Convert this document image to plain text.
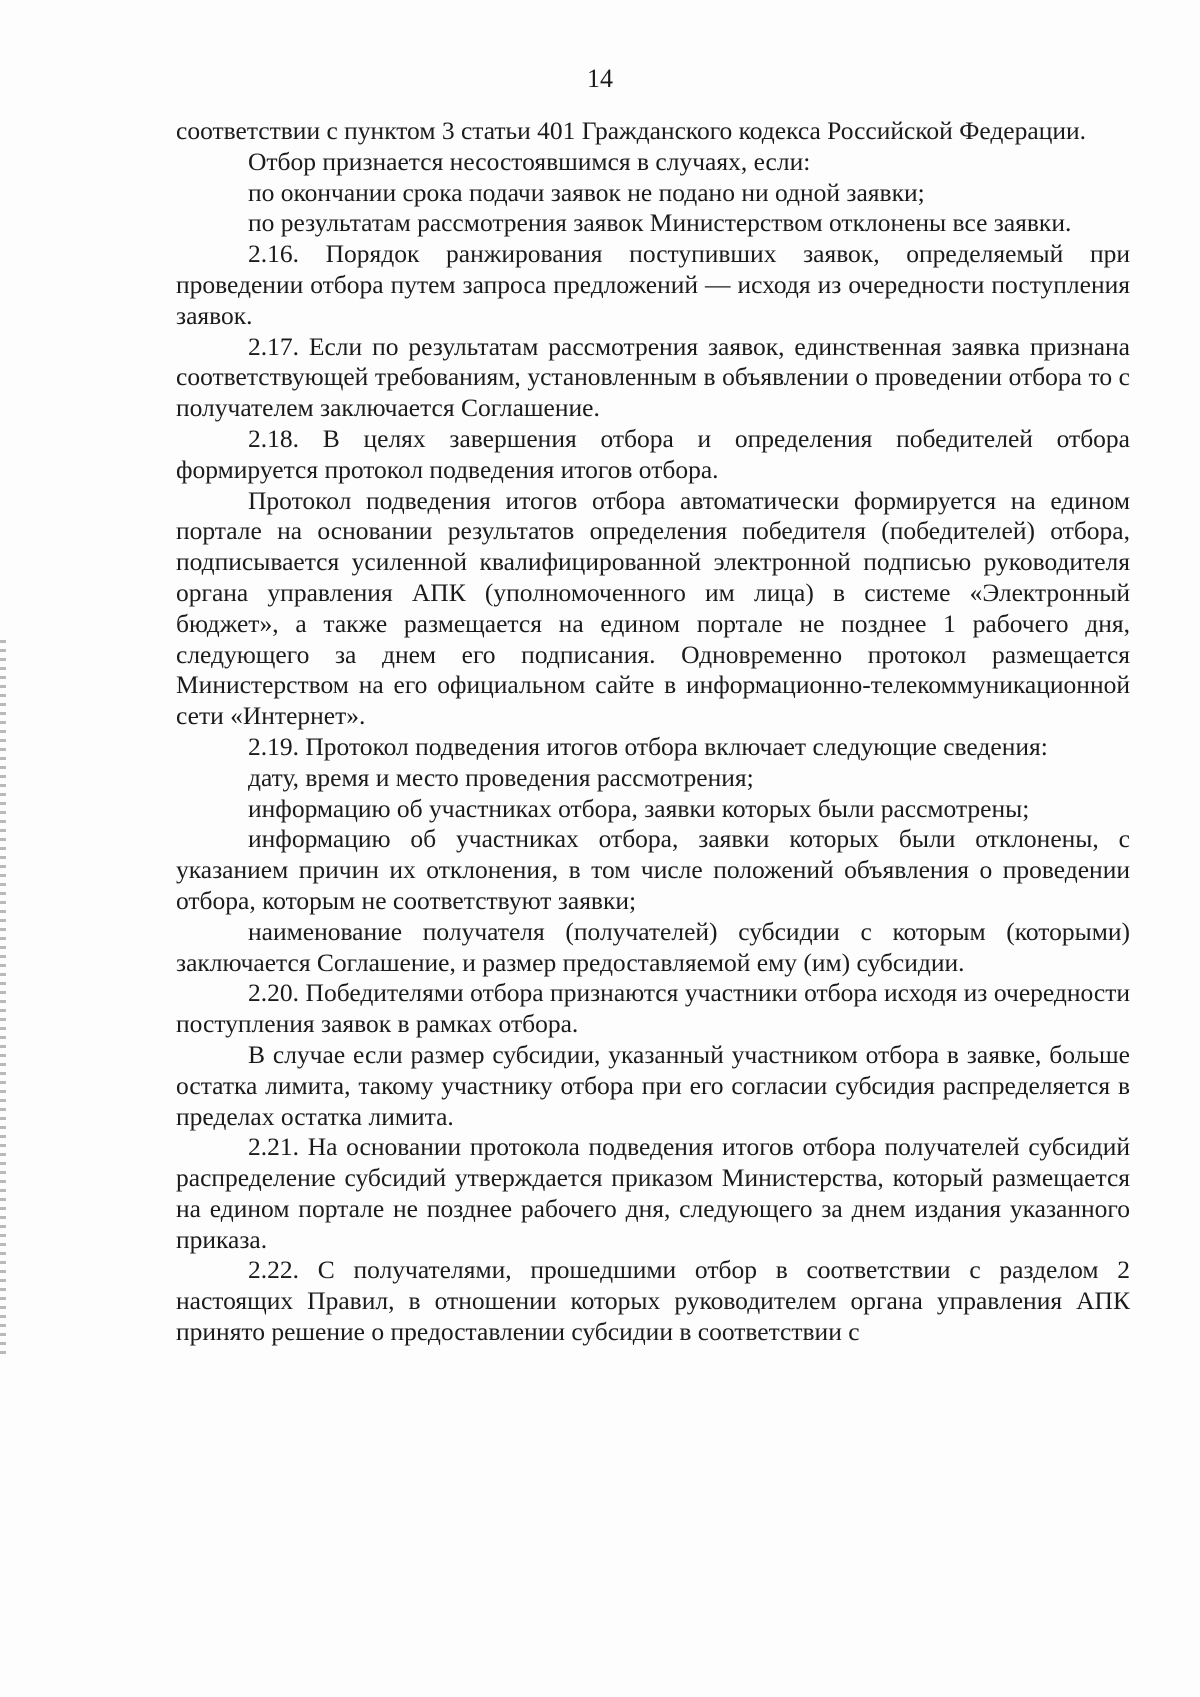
14

соответствии с пунктом 3 статьи 401 Гражданского кодекса Российской Федерации.

Отбор признается несостоявшимся в случаях, если:

по окончании срока подачи заявок не подано ни одной заявки;

по результатам рассмотрения заявок Министерством отклонены все заявки.

2.16. Порядок ранжирования поступивших заявок, определяемый при проведении отбора путем запроса предложений — исходя из очередности поступления заявок.

2.17. Если по результатам рассмотрения заявок, единственная заявка признана соответствующей требованиям, установленным в объявлении о проведении отбора то с получателем заключается Соглашение.

2.18. В целях завершения отбора и определения победителей отбора формируется протокол подведения итогов отбора.

Протокол подведения итогов отбора автоматически формируется на едином портале на основании результатов определения победителя (победителей) отбора, подписывается усиленной квалифицированной электронной подписью руководителя органа управления АПК (уполномоченного им лица) в системе «Электронный бюджет», а также размещается на едином портале не позднее 1 рабочего дня, следующего за днем его подписания. Одновременно протокол размещается Министерством на его официальном сайте в информационно-телекоммуникационной сети «Интернет».

2.19. Протокол подведения итогов отбора включает следующие сведения:

дату, время и место проведения рассмотрения;

информацию об участниках отбора, заявки которых были рассмотрены;

информацию об участниках отбора, заявки которых были отклонены, с указанием причин их отклонения, в том числе положений объявления о проведении отбора, которым не соответствуют заявки;

наименование получателя (получателей) субсидии с которым (которыми) заключается Соглашение, и размер предоставляемой ему (им) субсидии.

2.20. Победителями отбора признаются участники отбора исходя из очередности поступления заявок в рамках отбора.

В случае если размер субсидии, указанный участником отбора в заявке, больше остатка лимита, такому участнику отбора при его согласии субсидия распределяется в пределах остатка лимита.

2.21. На основании протокола подведения итогов отбора получателей субсидий распределение субсидий утверждается приказом Министерства, который размещается на едином портале не позднее рабочего дня, следующего за днем издания указанного приказа.

2.22. С получателями, прошедшими отбор в соответствии с разделом 2 настоящих Правил, в отношении которых руководителем органа управления АПК принято решение о предоставлении субсидии в соответствии с
